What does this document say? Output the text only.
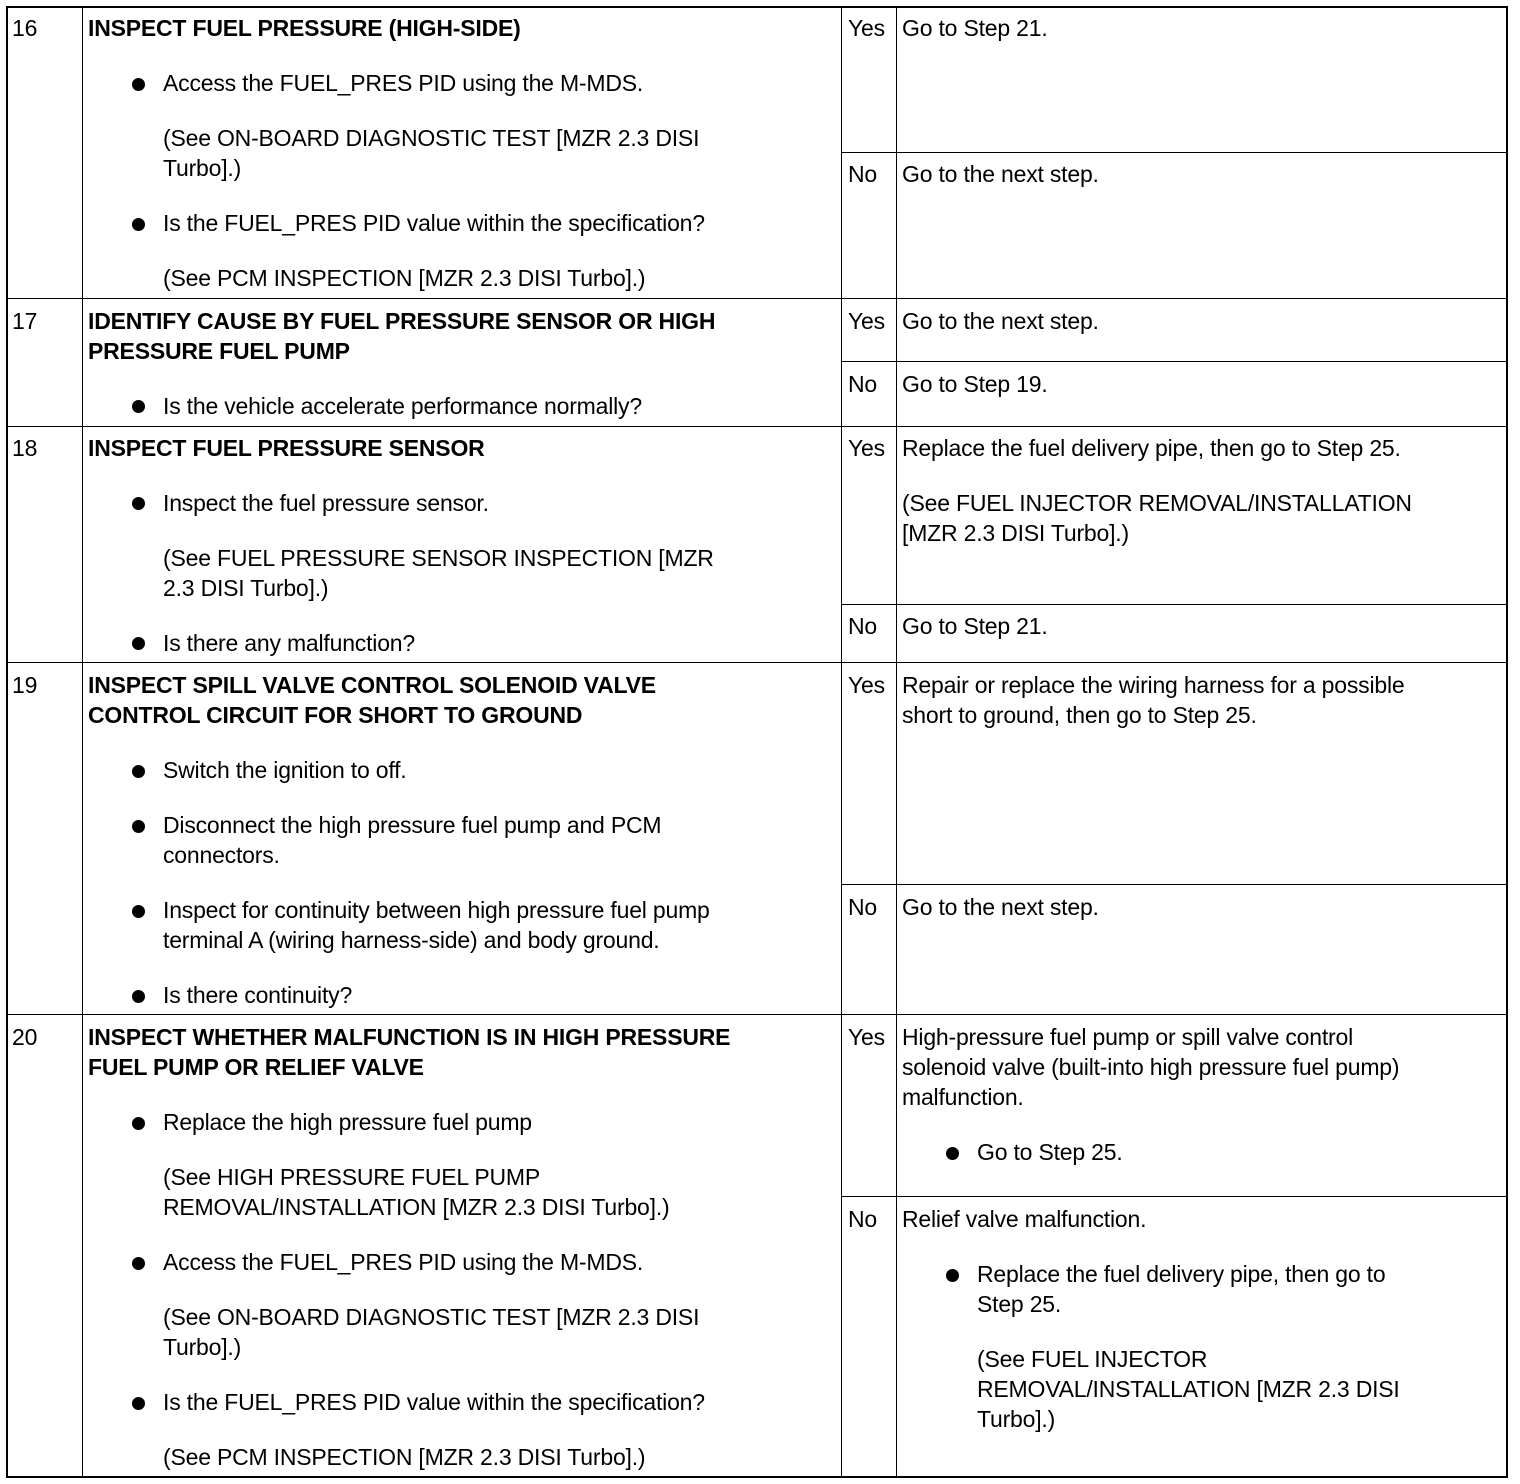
16 INSPECT FUEL PRESSURE (HIGH-SIDE)
Access the FUEL_PRES PID using the M-MDS.
(See ON-BOARD DIAGNOSTIC TEST [MZR 2.3 DISI
Turbo].)
Is the FUEL_PRES PID value within the specification?
(See PCM INSPECTION [MZR 2.3 DISI Turbo].)
Yes Go to Step 21.
No Go to the next step.
17 IDENTIFY CAUSE BY FUEL PRESSURE SENSOR OR HIGH
PRESSURE FUEL PUMP
Is the vehicle accelerate performance normally?
Yes Go to the next step.
No Go to Step 19.
18 INSPECT FUEL PRESSURE SENSOR
Inspect the fuel pressure sensor.
(See FUEL PRESSURE SENSOR INSPECTION [MZR
2.3 DISI Turbo].)
Is there any malfunction?
Yes Replace the fuel delivery pipe, then go to Step 25.
(See FUEL INJECTOR REMOVAL/INSTALLATION
[MZR 2.3 DISI Turbo].)
No Go to Step 21.
19 INSPECT SPILL VALVE CONTROL SOLENOID VALVE
CONTROL CIRCUIT FOR SHORT TO GROUND
Switch the ignition to off.
Disconnect the high pressure fuel pump and PCM
connectors.
Inspect for continuity between high pressure fuel pump
terminal A (wiring harness-side) and body ground.
Is there continuity?
Yes Repair or replace the wiring harness for a possible
short to ground, then go to Step 25.
No Go to the next step.
20 INSPECT WHETHER MALFUNCTION IS IN HIGH PRESSURE
FUEL PUMP OR RELIEF VALVE
Replace the high pressure fuel pump
(See HIGH PRESSURE FUEL PUMP
REMOVAL/INSTALLATION [MZR 2.3 DISI Turbo].)
Access the FUEL_PRES PID using the M-MDS.
(See ON-BOARD DIAGNOSTIC TEST [MZR 2.3 DISI
Turbo].)
Is the FUEL_PRES PID value within the specification?
(See PCM INSPECTION [MZR 2.3 DISI Turbo].)
Yes High-pressure fuel pump or spill valve control
solenoid valve (built-into high pressure fuel pump)
malfunction.
Go to Step 25.
No Relief valve malfunction.
Replace the fuel delivery pipe, then go to
Step 25.
(See FUEL INJECTOR
REMOVAL/INSTALLATION [MZR 2.3 DISI
Turbo].)
